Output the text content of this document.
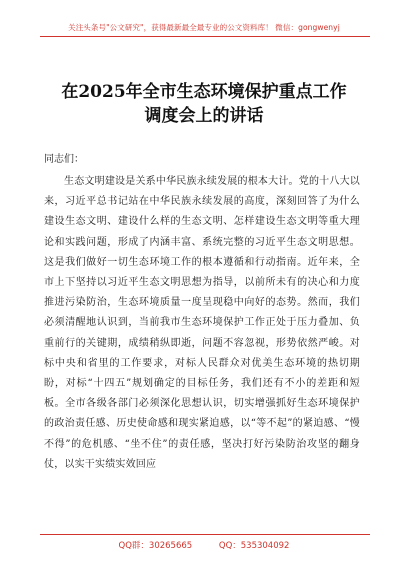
关注头条号"公文研究"，获得最新最全最专业的公文资料库！ 微信：gongwenyj
在2025年全市生态环境保护重点工作
调度会上的讲话
同志们：
生态文明建设是关系中华民族永续发展的根本大计。党的十八大以来，习近平总书记站在中华民族永续发展的高度，深刻回答了为什么建设生态文明、建设什么样的生态文明、怎样建设生态文明等重大理论和实践问题，形成了内涵丰富、系统完整的习近平生态文明思想。这是我们做好一切生态环境工作的根本遵循和行动指南。近年来，全市上下坚持以习近平生态文明思想为指导，以前所未有的决心和力度推进污染防治，生态环境质量一度呈现稳中向好的态势。然而，我们必须清醒地认识到，当前我市生态环境保护工作正处于压力叠加、负重前行的关键期，成绩稍纵即逝，问题不容忽视，形势依然严峻。对标中央和省里的工作要求，对标人民群众对优美生态环境的热切期盼，对标“十四五”规划确定的目标任务，我们还有不小的差距和短板。全市各级各部门必须深化思想认识，切实增强抓好生态环境保护的政治责任感、历史使命感和现实紧迫感，以“等不起”的紧迫感、“慢不得”的危机感、“坐不住”的责任感，坚决打好污染防治攻坚的翻身仗，以实干实绩实效回应
QQ群：30265665	QQ：535304092
